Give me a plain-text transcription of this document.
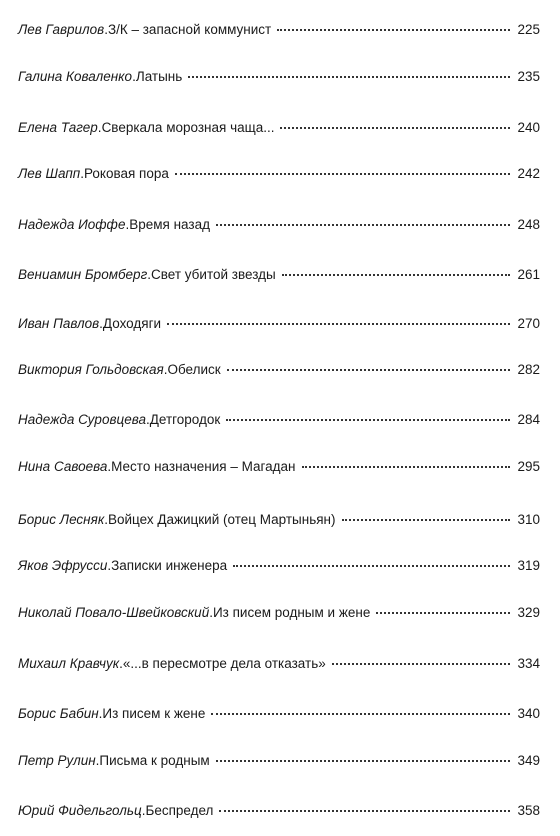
Лев Гаврилов . З/К – запасной коммунист	225
Галина Коваленко . Латынь	235
Елена Тагер . Сверкала морозная чаща...	240
Лев Шапп . Роковая пора	242
Надежда Иоффе . Время назад	248
Вениамин Бромберг . Свет убитой звезды	261
Иван Павлов . Доходяги	270
Виктория Гольдовская . Обелиск	282
Надежда Суровцева . Детгородок	284
Нина Савоева . Место назначения – Магадан	295
Борис Лесняк . Войцех Дажицкий (отец Мартыньян)	310
Яков Эфрусси . Записки инженера	319
Николай Повало-Швейковский . Из писем родным и жене	329
Михаил Кравчук . «...в пересмотре дела отказать»	334
Борис Бабин . Из писем к жене	340
Петр Рулин . Письма к родным	349
Юрий Фидельгольц . Беспредел	358
